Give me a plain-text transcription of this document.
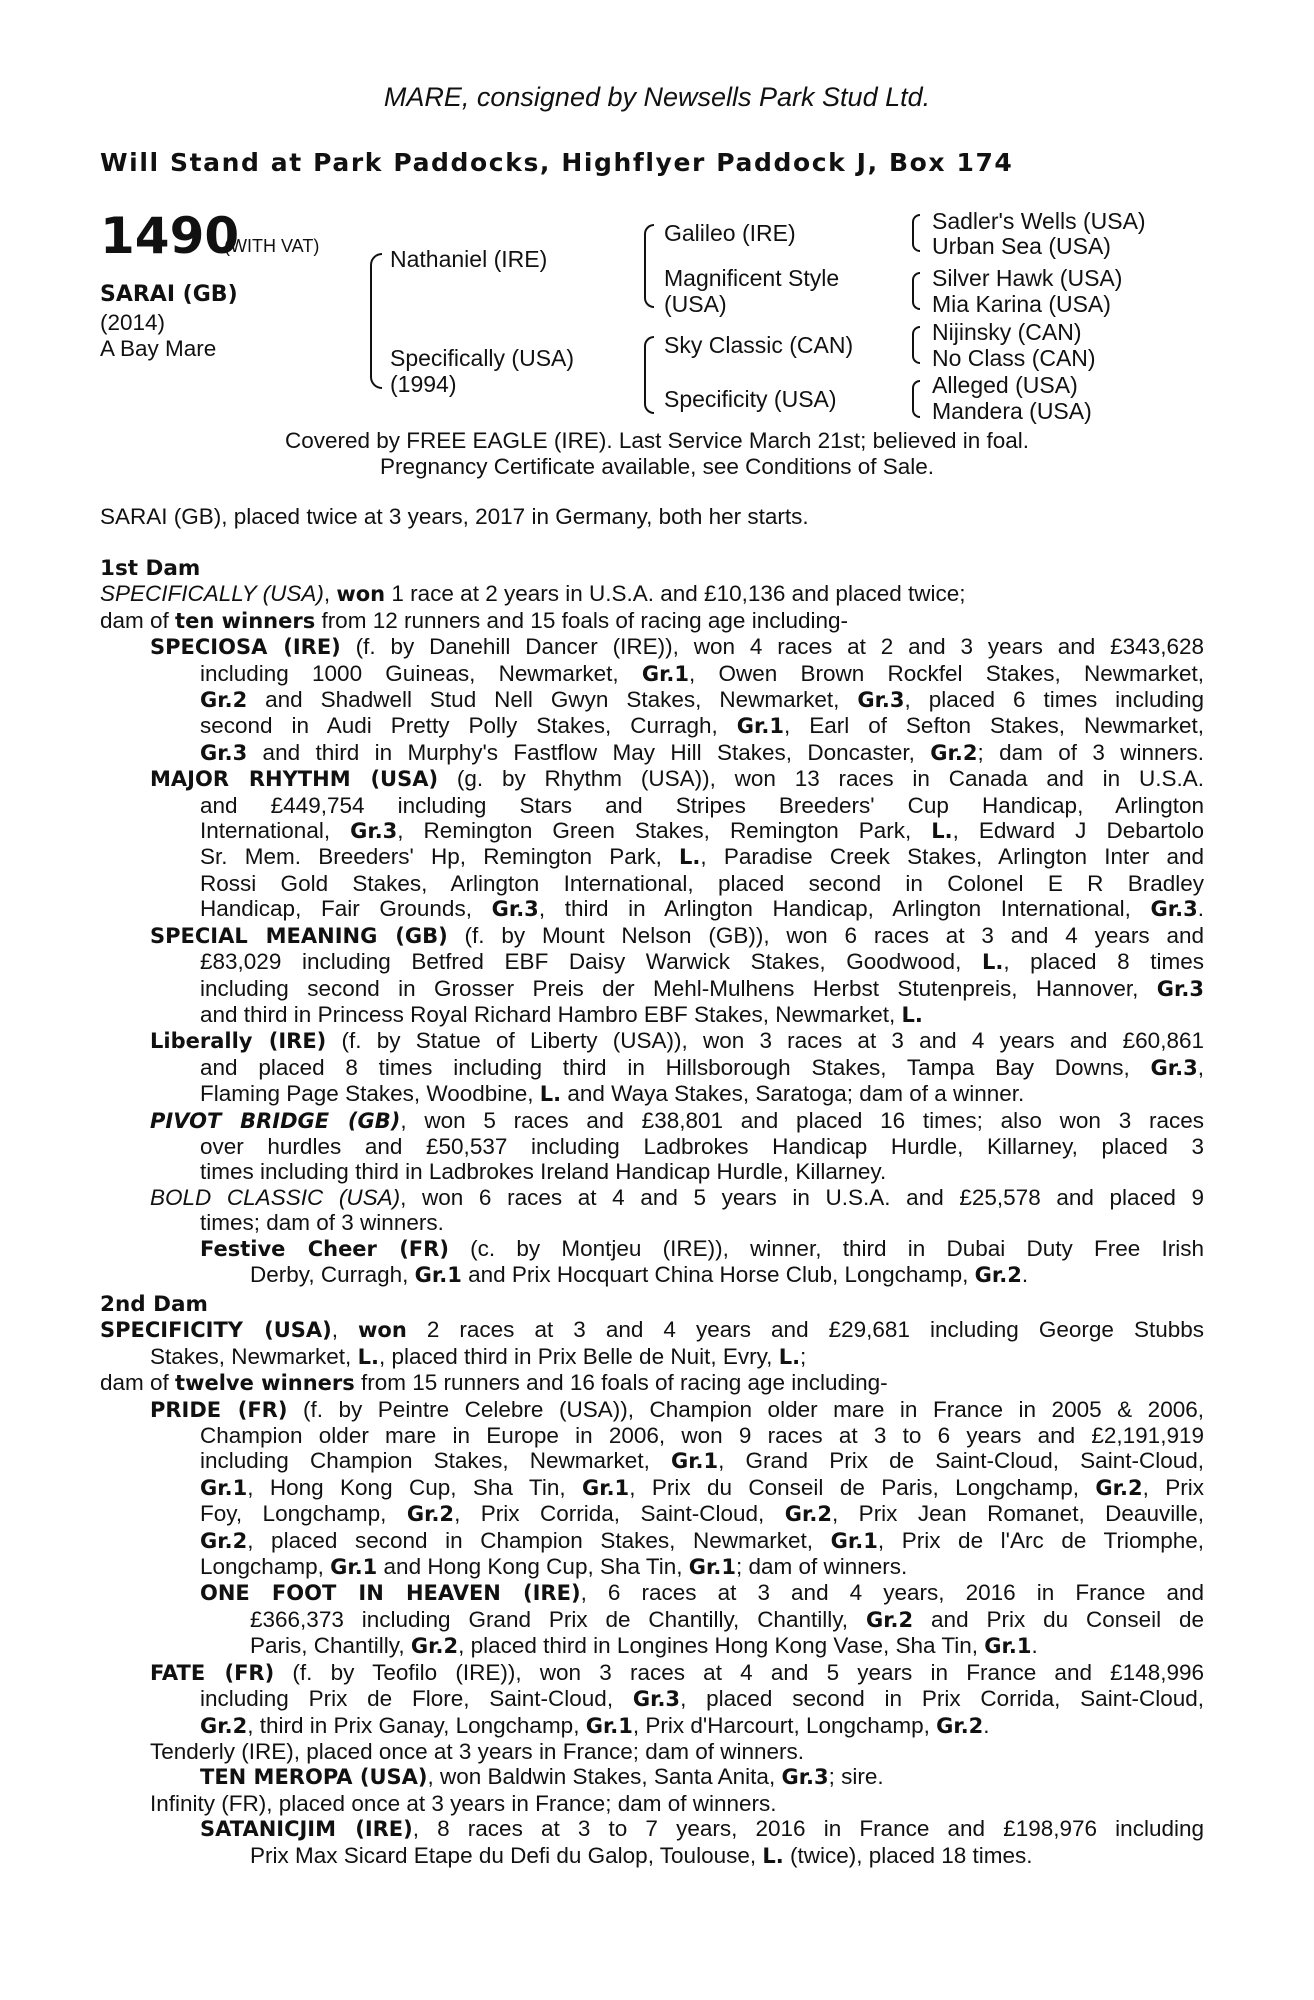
MARE, consigned by Newsells Park Stud Ltd.
Will Stand at Park Paddocks, Highflyer Paddock J, Box 174
1490
(WITH VAT)
SARAI (GB)
(2014)
A Bay Mare
Nathaniel (IRE)
Specifically (USA)
(1994)
Galileo (IRE)
Magnificent Style
(USA)
Sky Classic (CAN)
Specificity (USA)
Sadler's Wells (USA)
Urban Sea (USA)
Silver Hawk (USA)
Mia Karina (USA)
Nijinsky (CAN)
No Class (CAN)
Alleged (USA)
Mandera (USA)
Covered by FREE EAGLE (IRE). Last Service March 21st; believed in foal.
Pregnancy Certificate available, see Conditions of Sale.
SARAI (GB), placed twice at 3 years, 2017 in Germany, both her starts.
1st Dam
SPECIFICALLY (USA), won 1 race at 2 years in U.S.A. and £10,136 and placed twice;
dam of ten winners from 12 runners and 15 foals of racing age including-
SPECIOSA (IRE) (f. by Danehill Dancer (IRE)), won 4 races at 2 and 3 years and £343,628
including 1000 Guineas, Newmarket, Gr.1, Owen Brown Rockfel Stakes, Newmarket,
Gr.2 and Shadwell Stud Nell Gwyn Stakes, Newmarket, Gr.3, placed 6 times including
second in Audi Pretty Polly Stakes, Curragh, Gr.1, Earl of Sefton Stakes, Newmarket,
Gr.3 and third in Murphy's Fastflow May Hill Stakes, Doncaster, Gr.2; dam of 3 winners.
MAJOR RHYTHM (USA) (g. by Rhythm (USA)), won 13 races in Canada and in U.S.A.
and £449,754 including Stars and Stripes Breeders' Cup Handicap, Arlington
International, Gr.3, Remington Green Stakes, Remington Park, L., Edward J Debartolo
Sr. Mem. Breeders' Hp, Remington Park, L., Paradise Creek Stakes, Arlington Inter and
Rossi Gold Stakes, Arlington International, placed second in Colonel E R Bradley
Handicap, Fair Grounds, Gr.3, third in Arlington Handicap, Arlington International, Gr.3.
SPECIAL MEANING (GB) (f. by Mount Nelson (GB)), won 6 races at 3 and 4 years and
£83,029 including Betfred EBF Daisy Warwick Stakes, Goodwood, L., placed 8 times
including second in Grosser Preis der Mehl-Mulhens Herbst Stutenpreis, Hannover, Gr.3
and third in Princess Royal Richard Hambro EBF Stakes, Newmarket, L.
Liberally (IRE) (f. by Statue of Liberty (USA)), won 3 races at 3 and 4 years and £60,861
and placed 8 times including third in Hillsborough Stakes, Tampa Bay Downs, Gr.3,
Flaming Page Stakes, Woodbine, L. and Waya Stakes, Saratoga; dam of a winner.
PIVOT BRIDGE (GB), won 5 races and £38,801 and placed 16 times; also won 3 races
over hurdles and £50,537 including Ladbrokes Handicap Hurdle, Killarney, placed 3
times including third in Ladbrokes Ireland Handicap Hurdle, Killarney.
BOLD CLASSIC (USA), won 6 races at 4 and 5 years in U.S.A. and £25,578 and placed 9
times; dam of 3 winners.
Festive Cheer (FR) (c. by Montjeu (IRE)), winner, third in Dubai Duty Free Irish
Derby, Curragh, Gr.1 and Prix Hocquart China Horse Club, Longchamp, Gr.2.
2nd Dam
SPECIFICITY (USA), won 2 races at 3 and 4 years and £29,681 including George Stubbs
Stakes, Newmarket, L., placed third in Prix Belle de Nuit, Evry, L.;
dam of twelve winners from 15 runners and 16 foals of racing age including-
PRIDE (FR) (f. by Peintre Celebre (USA)), Champion older mare in France in 2005 & 2006,
Champion older mare in Europe in 2006, won 9 races at 3 to 6 years and £2,191,919
including Champion Stakes, Newmarket, Gr.1, Grand Prix de Saint-Cloud, Saint-Cloud,
Gr.1, Hong Kong Cup, Sha Tin, Gr.1, Prix du Conseil de Paris, Longchamp, Gr.2, Prix
Foy, Longchamp, Gr.2, Prix Corrida, Saint-Cloud, Gr.2, Prix Jean Romanet, Deauville,
Gr.2, placed second in Champion Stakes, Newmarket, Gr.1, Prix de l'Arc de Triomphe,
Longchamp, Gr.1 and Hong Kong Cup, Sha Tin, Gr.1; dam of winners.
ONE FOOT IN HEAVEN (IRE), 6 races at 3 and 4 years, 2016 in France and
£366,373 including Grand Prix de Chantilly, Chantilly, Gr.2 and Prix du Conseil de
Paris, Chantilly, Gr.2, placed third in Longines Hong Kong Vase, Sha Tin, Gr.1.
FATE (FR) (f. by Teofilo (IRE)), won 3 races at 4 and 5 years in France and £148,996
including Prix de Flore, Saint-Cloud, Gr.3, placed second in Prix Corrida, Saint-Cloud,
Gr.2, third in Prix Ganay, Longchamp, Gr.1, Prix d'Harcourt, Longchamp, Gr.2.
Tenderly (IRE), placed once at 3 years in France; dam of winners.
TEN MEROPA (USA), won Baldwin Stakes, Santa Anita, Gr.3; sire.
Infinity (FR), placed once at 3 years in France; dam of winners.
SATANICJIM (IRE), 8 races at 3 to 7 years, 2016 in France and £198,976 including
Prix Max Sicard Etape du Defi du Galop, Toulouse, L. (twice), placed 18 times.
